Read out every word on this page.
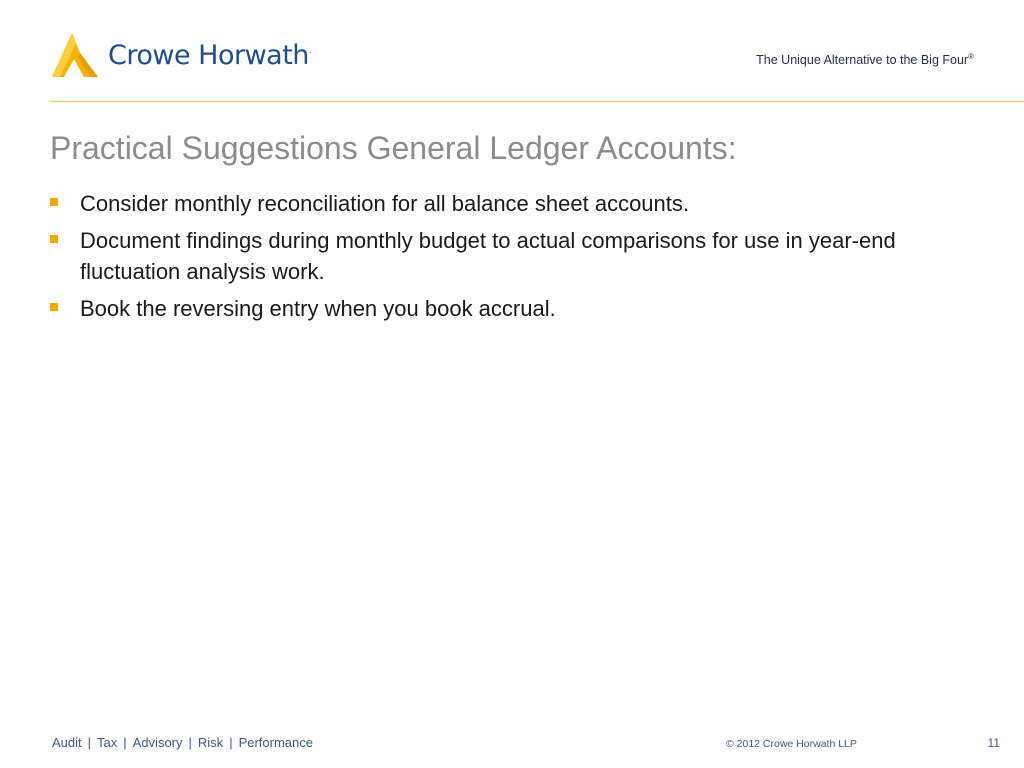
Crowe Horwath.
The Unique Alternative to the Big Four®
Practical Suggestions General Ledger Accounts:
Consider monthly reconciliation for all balance sheet accounts.
Document findings during monthly budget to actual comparisons for use in year-end fluctuation analysis work.
Book the reversing entry when you book accrual.
Audit | Tax | Advisory | Risk | Performance	© 2012 Crowe Horwath LLP	11
